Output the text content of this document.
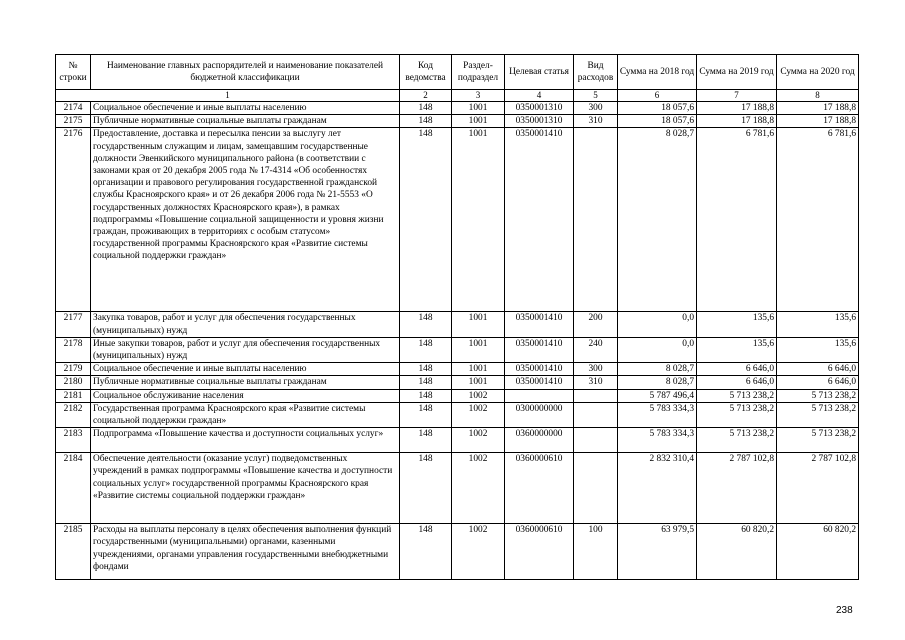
№ строки	Наименование главных распорядителей и наименование показателей бюджетной классификации	Код ведомства	Раздел-подраздел	Целевая статья	Вид расходов	Сумма на 2018 год	Сумма на 2019 год	Сумма на 2020 год
1		2	3	4	5	6	7	8
2174	Социальное обеспечение и иные выплаты населению	148	1001	0350001310	300	18 057,6	17 188,8	17 188,8
2175	Публичные нормативные социальные выплаты гражданам	148	1001	0350001310	310	18 057,6	17 188,8	17 188,8
2176	Предоставление, доставка и пересылка пенсии за выслугу лет государственным служащим и лицам, замещавшим государственные должности Эвенкийского муниципального района (в соответствии с законами края от 20 декабря 2005 года № 17-4314 «Об особенностях организации и правового регулирования государственной гражданской службы Красноярского края» и от 26 декабря 2006 года № 21-5553 «О государственных должностях Красноярского края»), в рамках подпрограммы «Повышение социальной защищенности и уровня жизни граждан, проживающих в территориях с особым статусом» государственной программы Красноярского края «Развитие системы социальной поддержки граждан»	148	1001	0350001410		8 028,7	6 781,6	6 781,6
2177	Закупка товаров, работ и услуг для обеспечения государственных (муниципальных) нужд	148	1001	0350001410	200	0,0	135,6	135,6
2178	Иные закупки товаров, работ и услуг для обеспечения государственных (муниципальных) нужд	148	1001	0350001410	240	0,0	135,6	135,6
2179	Социальное обеспечение и иные выплаты населению	148	1001	0350001410	300	8 028,7	6 646,0	6 646,0
2180	Публичные нормативные социальные выплаты гражданам	148	1001	0350001410	310	8 028,7	6 646,0	6 646,0
2181	Социальное обслуживание населения	148	1002			5 787 496,4	5 713 238,2	5 713 238,2
2182	Государственная программа Красноярского края «Развитие системы социальной поддержки граждан»	148	1002	0300000000		5 783 334,3	5 713 238,2	5 713 238,2
2183	Подпрограмма «Повышение качества и доступности социальных услуг»	148	1002	0360000000		5 783 334,3	5 713 238,2	5 713 238,2
2184	Обеспечение деятельности (оказание услуг) подведомственных учреждений в рамках подпрограммы «Повышение качества и доступности социальных услуг» государственной программы Красноярского края «Развитие системы социальной поддержки граждан»	148	1002	0360000610		2 832 310,4	2 787 102,8	2 787 102,8
2185	Расходы на выплаты персоналу в целях обеспечения выполнения функций государственными (муниципальными) органами, казенными учреждениями, органами управления государственными внебюджетными фондами	148	1002	0360000610	100	63 979,5	60 820,2	60 820,2
238
